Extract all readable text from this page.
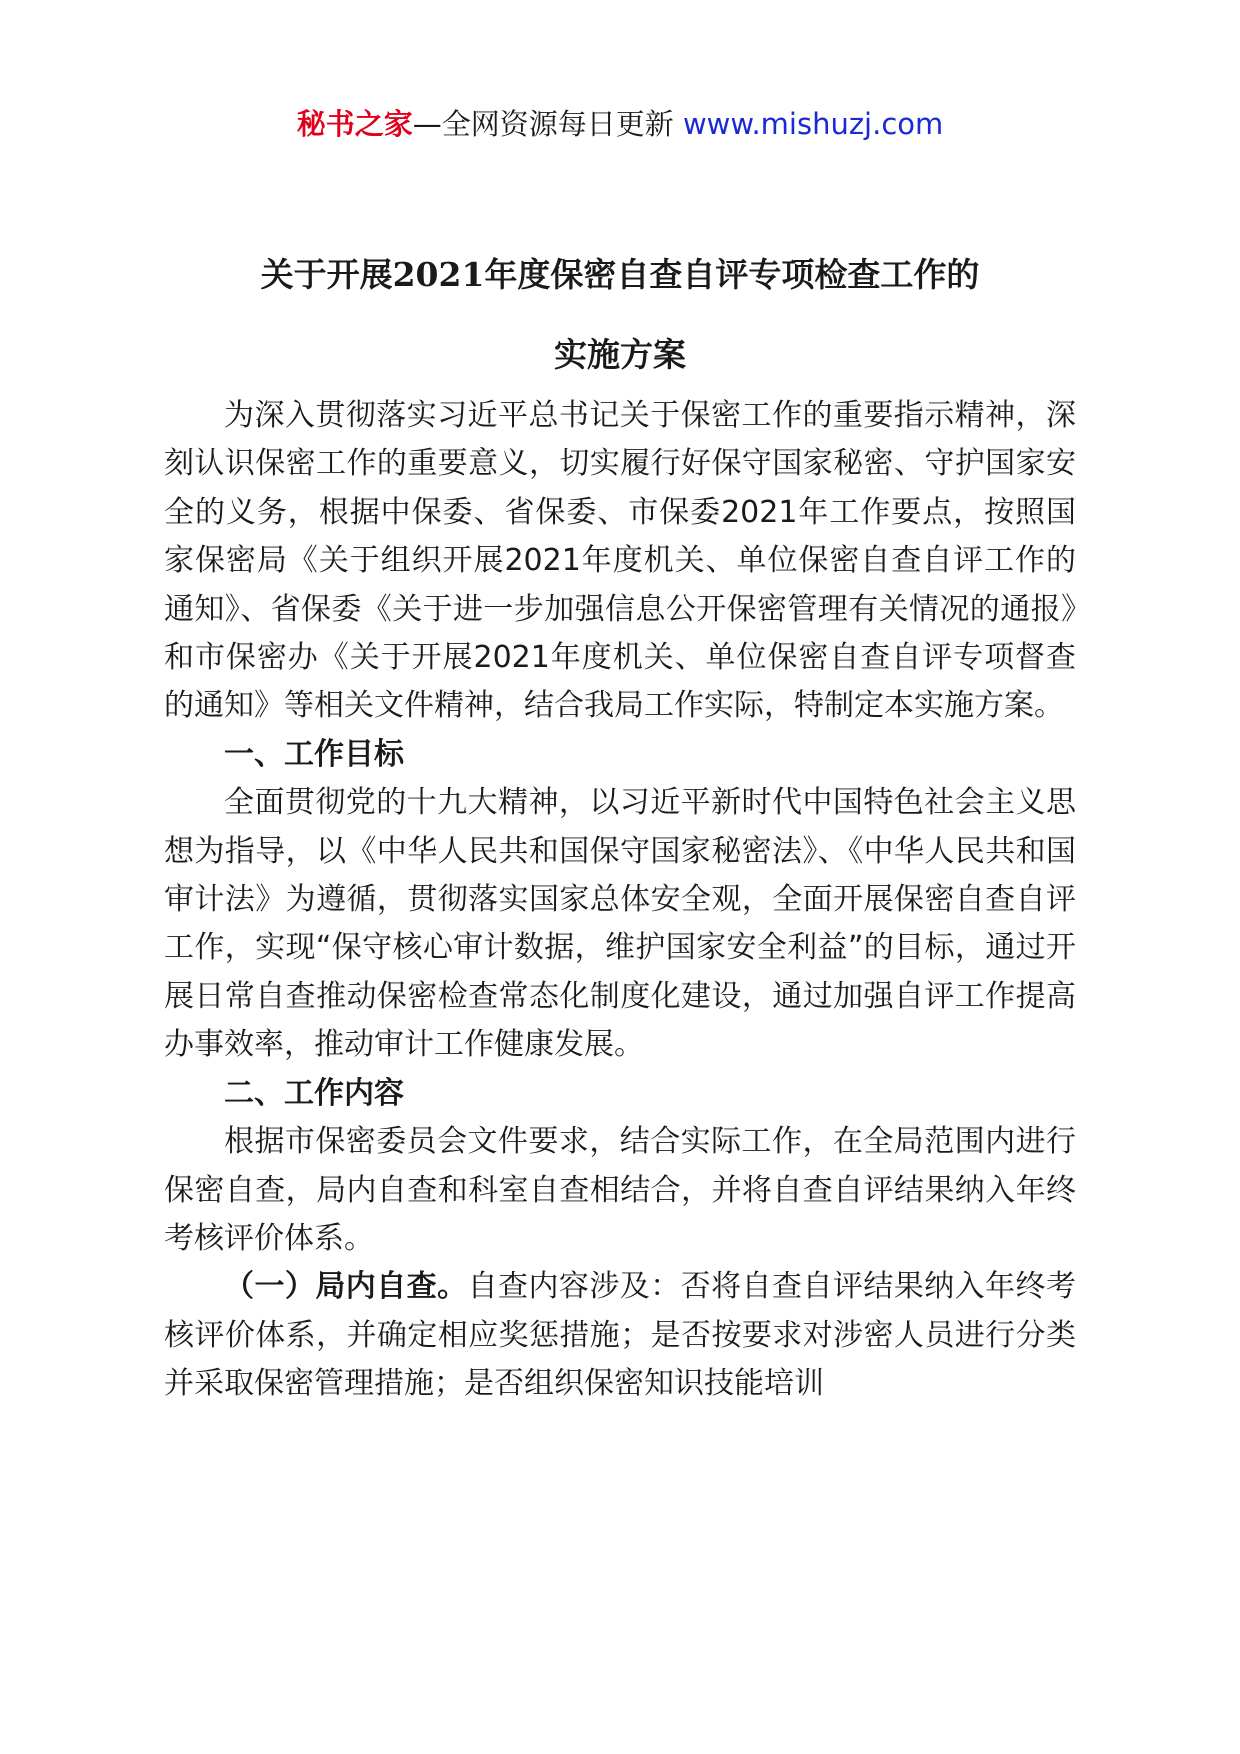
秘书之家—全网资源每日更新 www.mishuzj.com
关于开展2021年度保密自查自评专项检查工作的
实施方案

为深入贯彻落实习近平总书记关于保密工作的重要指示精神，深刻认识保密工作的重要意义，切实履行好保守国家秘密、守护国家安全的义务，根据中保委、省保委、市保委2021年工作要点，按照国家保密局《关于组织开展2021年度机关、单位保密自查自评工作的通知》、省保委《关于进一步加强信息公开保密管理有关情况的通报》和市保密办《关于开展2021年度机关、单位保密自查自评专项督查的通知》等相关文件精神，结合我局工作实际，特制定本实施方案。

一、工作目标

全面贯彻党的十九大精神，以习近平新时代中国特色社会主义思想为指导，以《中华人民共和国保守国家秘密法》、《中华人民共和国审计法》为遵循，贯彻落实国家总体安全观，全面开展保密自查自评工作，实现“保守核心审计数据，维护国家安全利益”的目标，通过开展日常自查推动保密检查常态化制度化建设，通过加强自评工作提高办事效率，推动审计工作健康发展。

二、工作内容

根据市保密委员会文件要求，结合实际工作，在全局范围内进行保密自查，局内自查和科室自查相结合，并将自查自评结果纳入年终考核评价体系。

（一）局内自查。自查内容涉及：否将自查自评结果纳入年终考核评价体系，并确定相应奖惩措施；是否按要求对涉密人员进行分类并采取保密管理措施；是否组织保密知识技能培训
